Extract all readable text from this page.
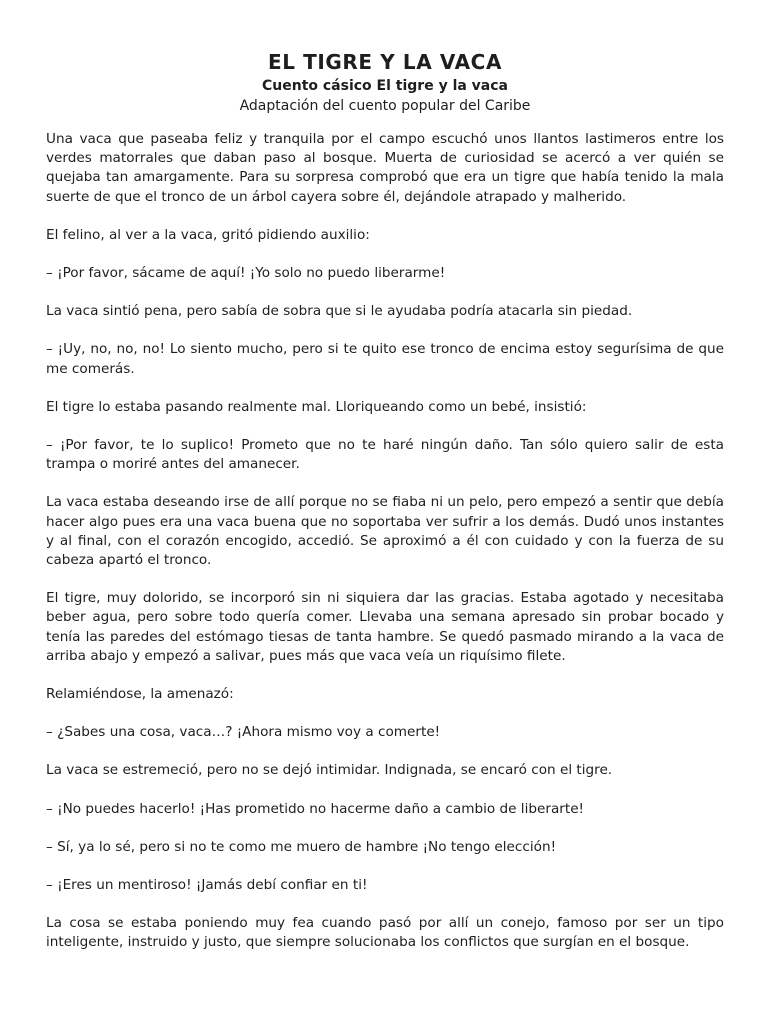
EL TIGRE Y LA VACA
Cuento cásico El tigre y la vaca
Adaptación del cuento popular del Caribe

Una vaca que paseaba feliz y tranquila por el campo escuchó unos llantos lastimeros entre los verdes matorrales que daban paso al bosque. Muerta de curiosidad se acercó a ver quién se quejaba tan amargamente. Para su sorpresa comprobó que era un tigre que había tenido la mala suerte de que el tronco de un árbol cayera sobre él, dejándole atrapado y malherido.

El felino, al ver a la vaca, gritó pidiendo auxilio:

– ¡Por favor, sácame de aquí! ¡Yo solo no puedo liberarme!

La vaca sintió pena, pero sabía de sobra que si le ayudaba podría atacarla sin piedad.

– ¡Uy, no, no, no! Lo siento mucho, pero si te quito ese tronco de encima estoy segurísima de que me comerás.

El tigre lo estaba pasando realmente mal. Lloriqueando como un bebé, insistió:

– ¡Por favor, te lo suplico! Prometo que no te haré ningún daño. Tan sólo quiero salir de esta trampa o moriré antes del amanecer.

La vaca estaba deseando irse de allí porque no se fiaba ni un pelo, pero empezó a sentir que debía hacer algo pues era una vaca buena que no soportaba ver sufrir a los demás. Dudó unos instantes y al final, con el corazón encogido, accedió. Se aproximó a él con cuidado y con la fuerza de su cabeza apartó el tronco.

El tigre, muy dolorido, se incorporó sin ni siquiera dar las gracias. Estaba agotado y necesitaba beber agua, pero sobre todo quería comer. Llevaba una semana apresado sin probar bocado y tenía las paredes del estómago tiesas de tanta hambre. Se quedó pasmado mirando a la vaca de arriba abajo y empezó a salivar, pues más que vaca veía un riquísimo filete.

Relamiéndose, la amenazó:

– ¿Sabes una cosa, vaca…? ¡Ahora mismo voy a comerte!

La vaca se estremeció, pero no se dejó intimidar. Indignada, se encaró con el tigre.

– ¡No puedes hacerlo! ¡Has prometido no hacerme daño a cambio de liberarte!

– Sí, ya lo sé, pero si no te como me muero de hambre ¡No tengo elección!

– ¡Eres un mentiroso! ¡Jamás debí confiar en ti!

La cosa se estaba poniendo muy fea cuando pasó por allí un conejo, famoso por ser un tipo inteligente, instruido y justo, que siempre solucionaba los conflictos que surgían en el bosque.
